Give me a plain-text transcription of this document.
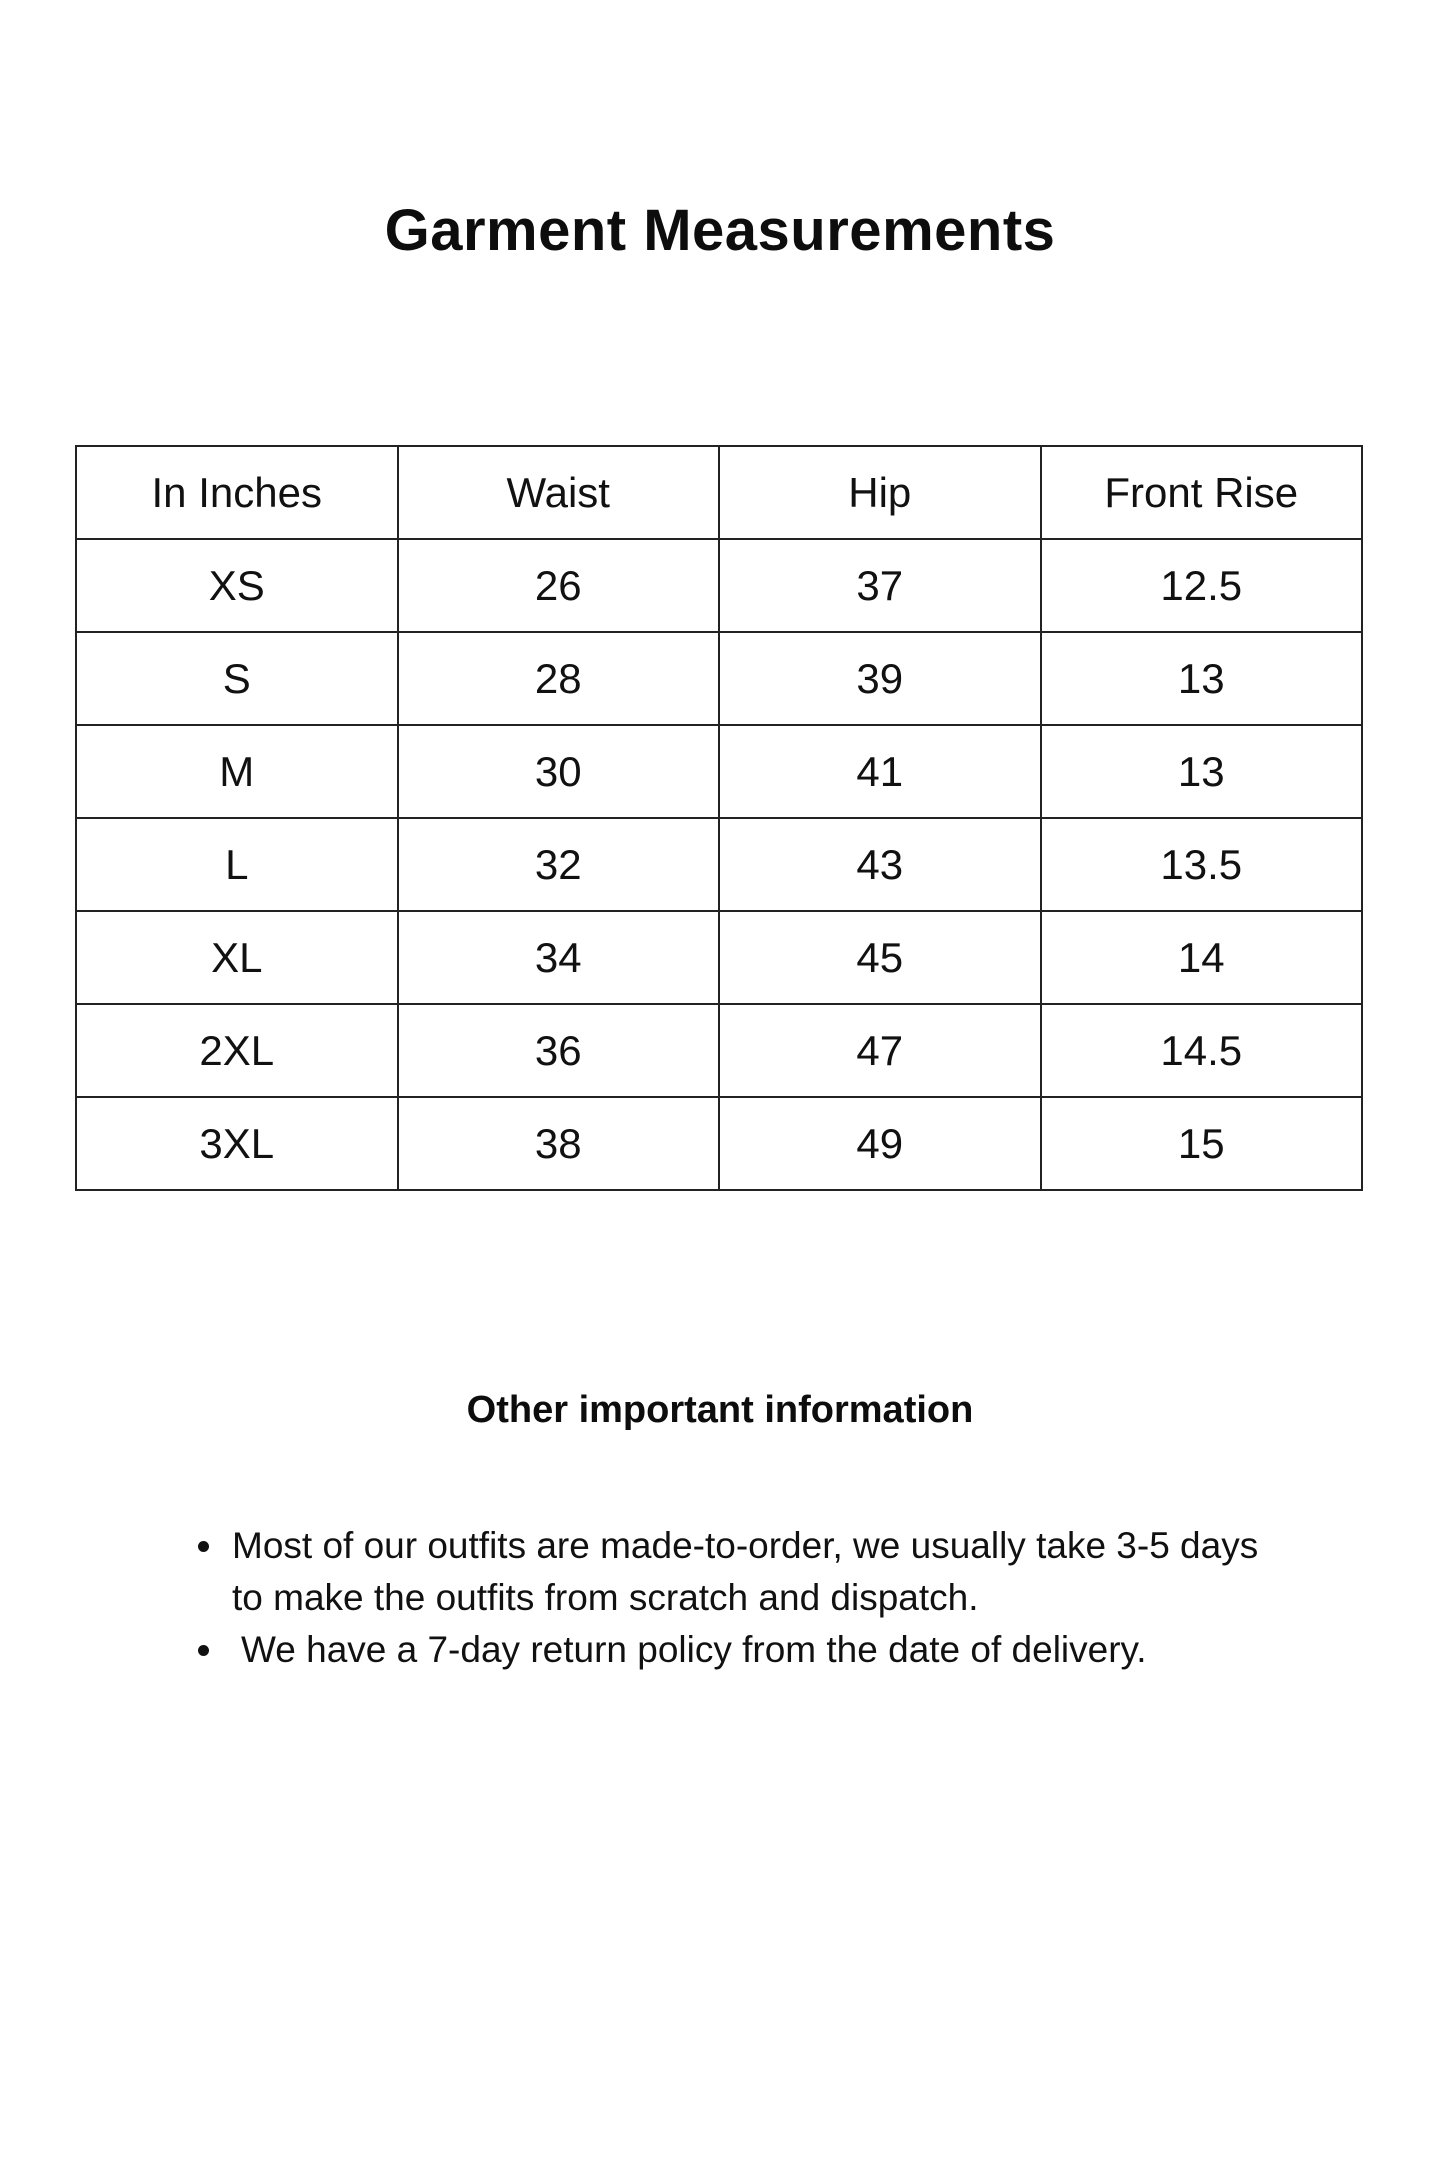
Garment Measurements
In Inches	Waist	Hip	Front Rise
XS	26	37	12.5
S	28	39	13
M	30	41	13
L	32	43	13.5
XL	34	45	14
2XL	36	47	14.5
3XL	38	49	15
Other important information
Most of our outfits are made-to-order, we usually take 3-5 days to make the outfits from scratch and dispatch.
We have a 7-day return policy from the date of delivery.
